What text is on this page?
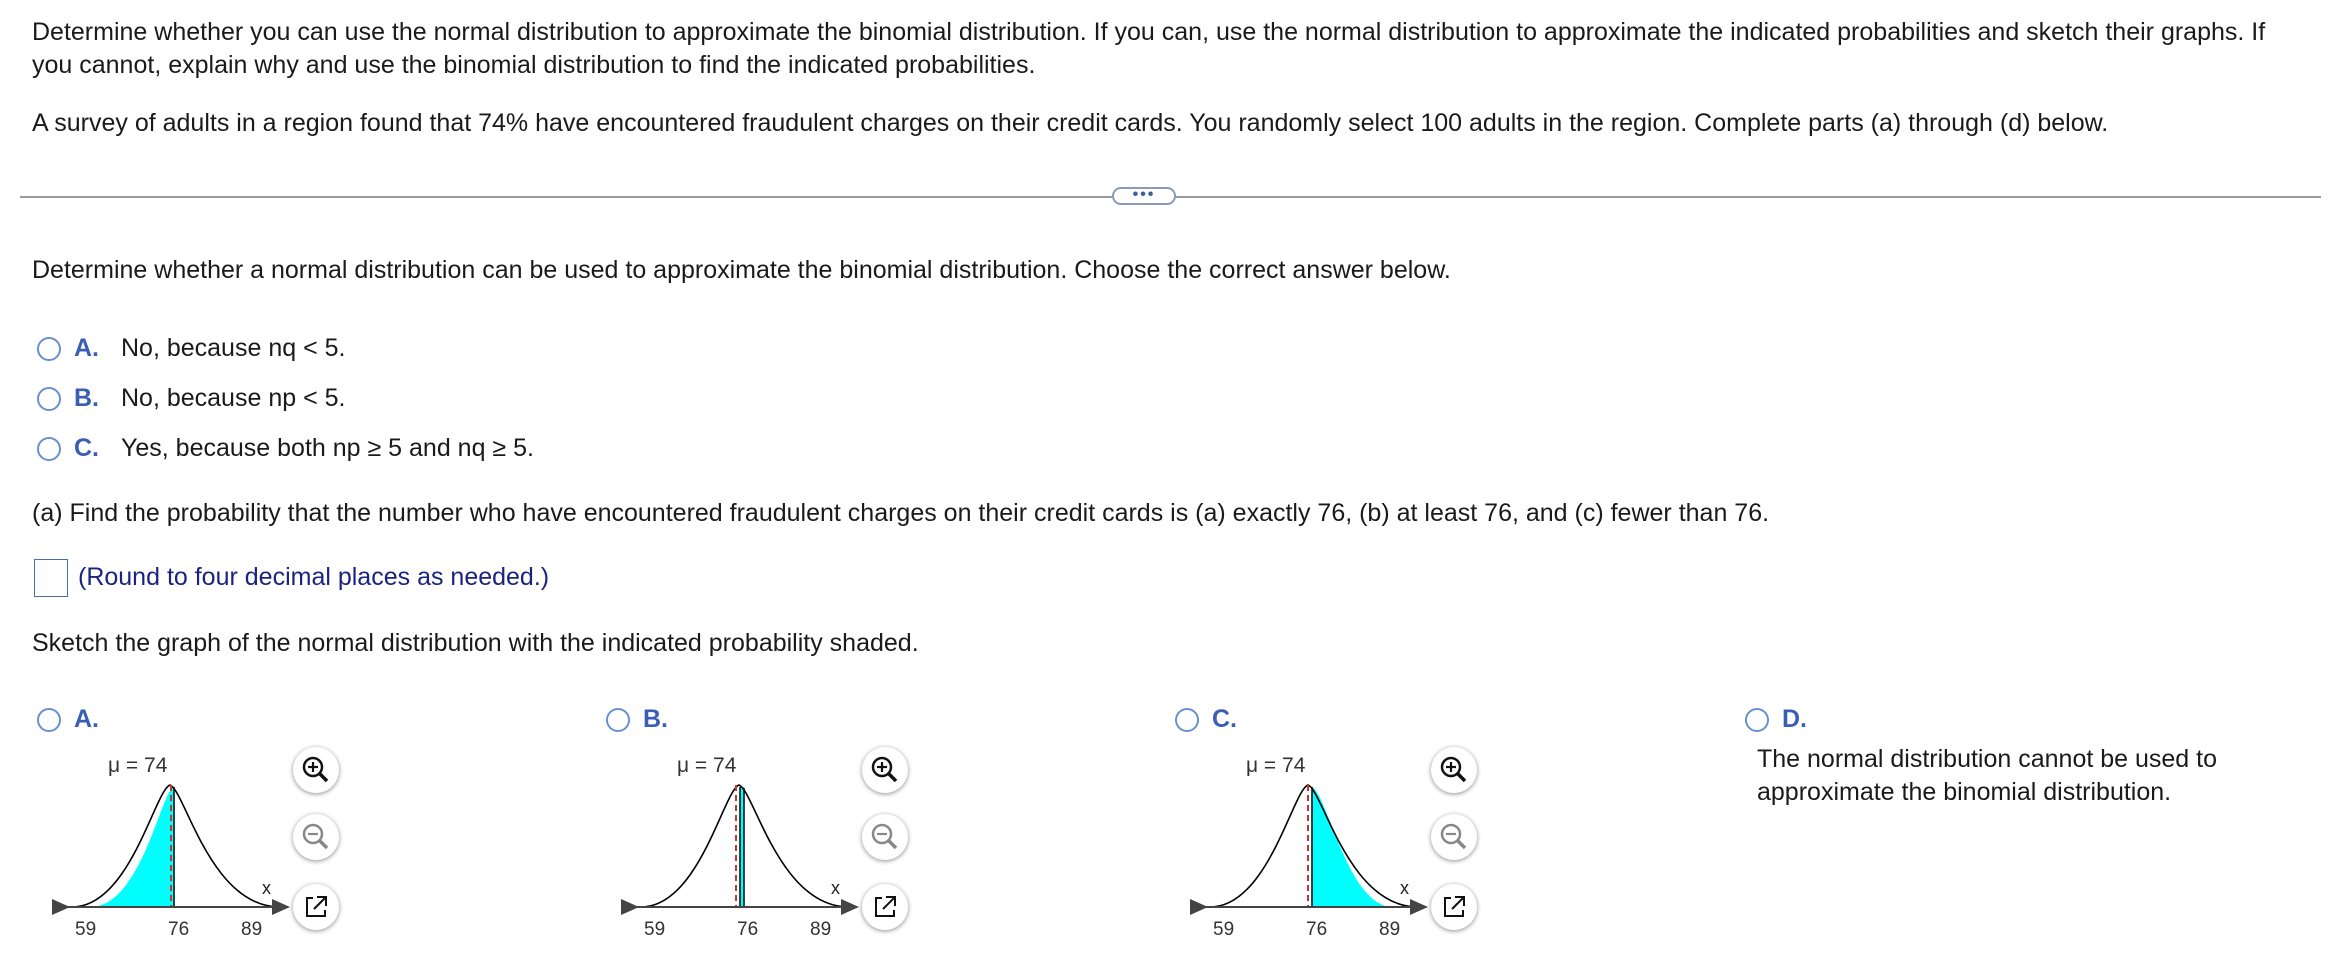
Determine whether you can use the normal distribution to approximate the binomial distribution. If you can, use the normal distribution to approximate the indicated probabilities and sketch their graphs. If you cannot, explain why and use the binomial distribution to find the indicated probabilities.
A survey of adults in a region found that 74% have encountered fraudulent charges on their credit cards. You randomly select 100 adults in the region. Complete parts (a) through (d) below.
•••
Determine whether a normal distribution can be used to approximate the binomial distribution. Choose the correct answer below.
A. No, because nq < 5.
B. No, because np < 5.
C. Yes, because both np ≥ 5 and nq ≥ 5.
(a) Find the probability that the number who have encountered fraudulent charges on their credit cards is (a) exactly 76, (b) at least 76, and (c) fewer than 76.
(Round to four decimal places as needed.)
Sketch the graph of the normal distribution with the indicated probability shaded.
A.
μ = 74
x
59	76	89
B.
μ = 74
x
59	76	89
C.
μ = 74
x
59	76	89
D.
The normal distribution cannot be used to approximate the binomial distribution.
